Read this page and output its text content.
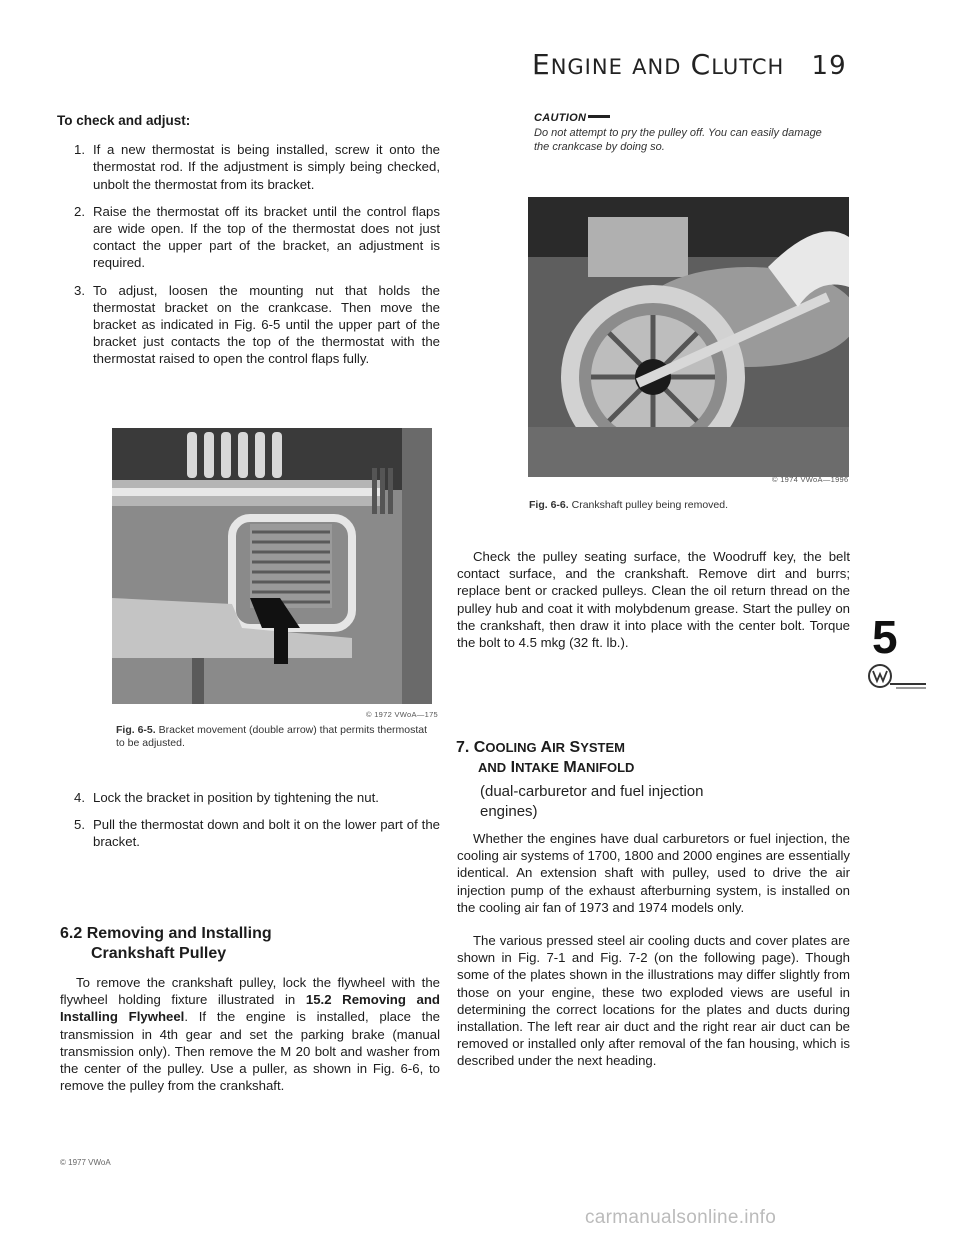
ENGINE AND CLUTCH 19
To check and adjust:
1. If a new thermostat is being installed, screw it onto the thermostat rod. If the adjustment is simply being checked, unbolt the thermostat from its bracket.
2. Raise the thermostat off its bracket until the control flaps are wide open. If the top of the thermostat does not just contact the upper part of the bracket, an adjustment is required.
3. To adjust, loosen the mounting nut that holds the thermostat bracket on the crankcase. Then move the bracket as indicated in Fig. 6-5 until the upper part of the bracket just contacts the top of the thermostat with the thermostat raised to open the control flaps fully.
© 1972 VWoA—175
Fig. 6-5. Bracket movement (double arrow) that permits thermostat to be adjusted.
4. Lock the bracket in position by tightening the nut.
5. Pull the thermostat down and bolt it on the lower part of the bracket.
6.2 Removing and Installing
Crankshaft Pulley

To remove the crankshaft pulley, lock the flywheel with the flywheel holding fixture illustrated in 15.2 Removing and Installing Flywheel. If the engine is installed, place the transmission in 4th gear and set the parking brake (manual transmission only). Then remove the M 20 bolt and washer from the center of the pulley. Use a puller, as shown in Fig. 6-6, to remove the pulley from the crankshaft.

© 1977 VWoA
CAUTION
Do not attempt to pry the pulley off. You can easily damage the crankcase by doing so.
© 1974 VWoA—1996
Fig. 6-6. Crankshaft pulley being removed.

Check the pulley seating surface, the Woodruff key, the belt contact surface, and the crankshaft. Remove dirt and burrs; replace bent or cracked pulleys. Clean the oil return thread on the pulley hub and coat it with molybdenum grease. Start the pulley on the crankshaft, then draw it into place with the center bolt. Torque the bolt to 4.5 mkg (32 ft. lb.).

7. COOLING AIR SYSTEM
AND INTAKE MANIFOLD
(dual-carburetor and fuel injection
engines)

Whether the engines have dual carburetors or fuel injection, the cooling air systems of 1700, 1800 and 2000 engines are essentially identical. An extension shaft with pulley, used to drive the air injection pump of the exhaust afterburning system, is installed on the cooling air fan of 1973 and 1974 models only.

The various pressed steel air cooling ducts and cover plates are shown in Fig. 7-1 and Fig. 7-2 (on the following page). Though some of the plates shown in the illustrations may differ slightly from those on your engine, these two exploded views are useful in determining the correct locations for the plates and ducts during installation. The left rear air duct and the right rear air duct can be removed or installed only after removal of the fan housing, which is described under the next heading.

5
carmanualsonline.info
